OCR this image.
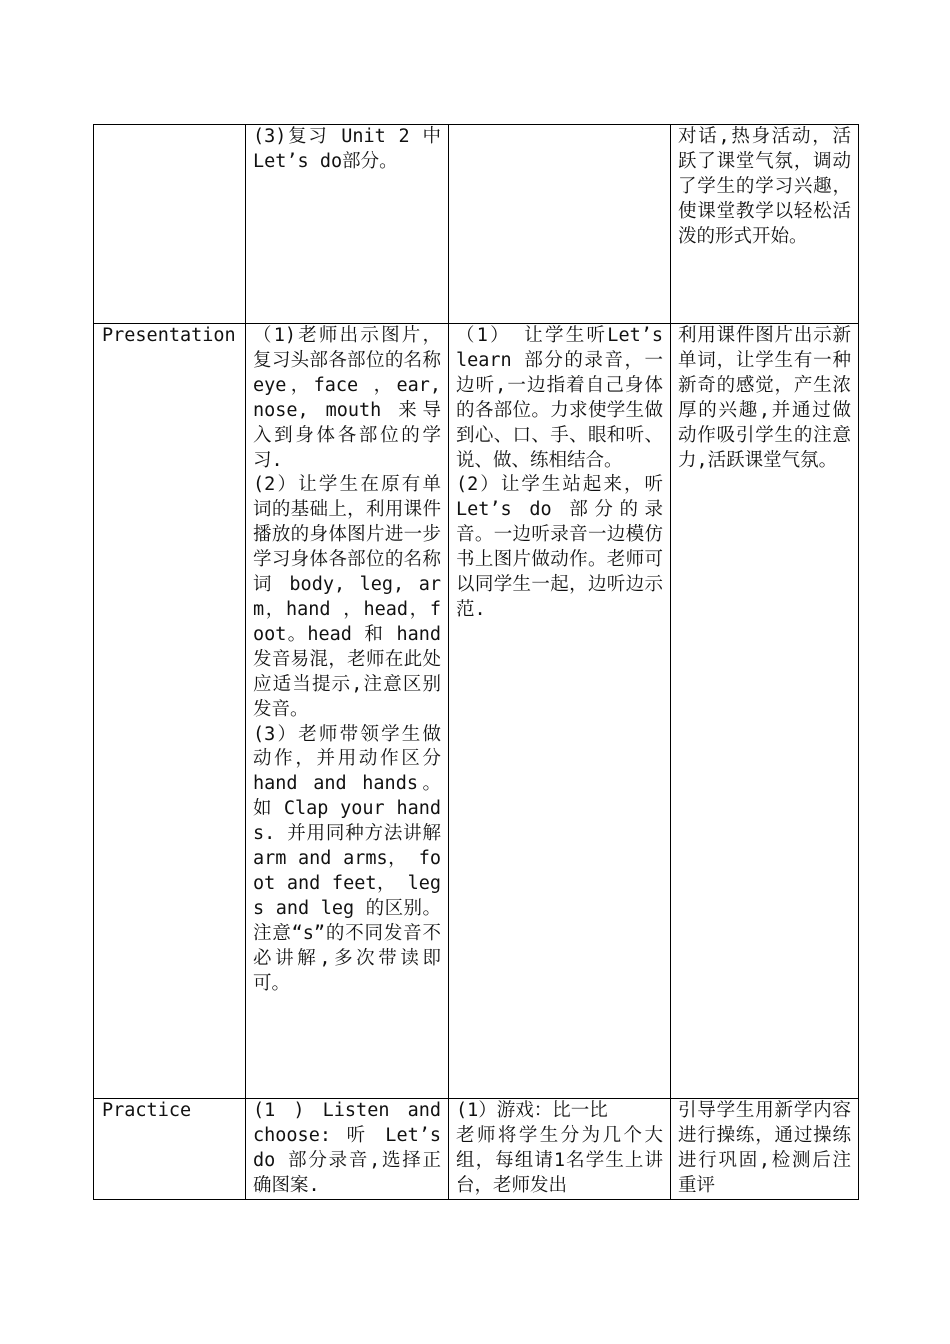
	(3)复习 Unit 2 中 Let’s do部分。		对话,热身活动，活跃了课堂气氛，调动了学生的学习兴趣，使课堂教学以轻松活泼的形式开始。

Presentation	（1)老师出示图片，复习头部各部位的名称 eye，face ，ear, nose, mouth 来导入到身体各部位的学习.
(2）让学生在原有单词的基础上，利用课件播放的身体图片进一步学习身体各部位的名称词 body, leg, arm，hand ，head，foot。head 和 hand 发音易混，老师在此处应适当提示,注意区别发音。
(3）老师带领学生做动作，并用动作区分 hand and hands。 如 Clap your hands. 并用同种方法讲解 arm and arms， foot and feet， legs and leg 的区别。注意“s”的不同发音不必讲解,多次带读即可。	（1） 让学生听Let’s learn 部分的录音，一边听,一边指着自己身体的各部位。力求使学生做到心、口、手、眼和听、说、做、练相结合。
(2）让学生站起来，听 Let’s do 部分的录音。一边听录音一边模仿书上图片做动作。老师可以同学生一起，边听边示范.	利用课件图片出示新单词，让学生有一种新奇的感觉，产生浓厚的兴趣,并通过做动作吸引学生的注意力,活跃课堂气氛。

Practice	(1 ) Listen and choose: 听 Let’s do 部分录音,选择正确图案.	(1）游戏：比一比
老师将学生分为几个大组，每组请1名学生上讲台，老师发出	引导学生用新学内容进行操练，通过操练进行巩固,检测后注重评
